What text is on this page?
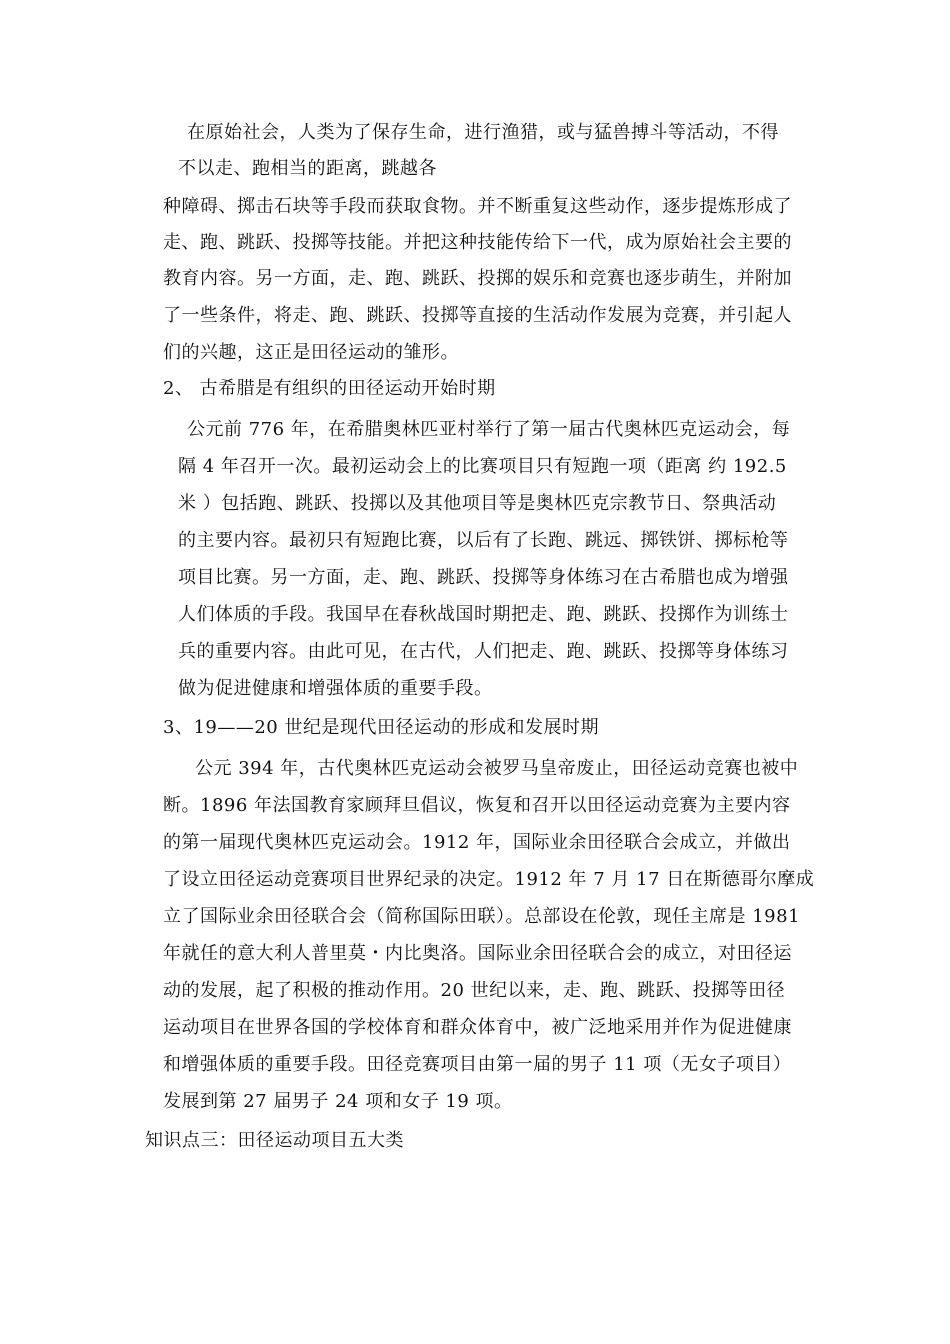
在原始社会，人类为了保存生命，进行渔猎，或与猛兽搏斗等活动，不得

不以走、跑相当的距离，跳越各

种障碍、掷击石块等手段而获取食物。并不断重复这些动作，逐步提炼形成了

走、跑、跳跃、投掷等技能。并把这种技能传给下一代，成为原始社会主要的

教育内容。另一方面，走、跑、跳跃、投掷的娱乐和竞赛也逐步萌生，并附加

了一些条件，将走、跑、跳跃、投掷等直接的生活动作发展为竞赛，并引起人

们的兴趣，这正是田径运动的雏形。

2、 古希腊是有组织的田径运动开始时期

公元前 776 年，在希腊奥林匹亚村举行了第一届古代奥林匹克运动会，每

隔 4 年召开一次。最初运动会上的比赛项目只有短跑一项（距离 约 192.5

米 ）包括跑、跳跃、投掷以及其他项目等是奥林匹克宗教节日、祭典活动

的主要内容。最初只有短跑比赛，以后有了长跑、跳远、掷铁饼、掷标枪等

项目比赛。另一方面，走、跑、跳跃、投掷等身体练习在古希腊也成为增强

人们体质的手段。我国早在春秋战国时期把走、跑、跳跃、投掷作为训练士

兵的重要内容。由此可见，在古代，人们把走、跑、跳跃、投掷等身体练习

做为促进健康和增强体质的重要手段。

3、19——20 世纪是现代田径运动的形成和发展时期

公元 394 年，古代奥林匹克运动会被罗马皇帝废止，田径运动竞赛也被中

断。1896 年法国教育家顾拜旦倡议，恢复和召开以田径运动竞赛为主要内容

的第一届现代奥林匹克运动会。1912 年，国际业余田径联合会成立，并做出

了设立田径运动竞赛项目世界纪录的决定。1912 年 7 月 17 日在斯德哥尔摩成

立了国际业余田径联合会（简称国际田联）。总部设在伦敦，现任主席是 1981

年就任的意大利人普里莫・内比奥洛。国际业余田径联合会的成立，对田径运

动的发展，起了积极的推动作用。20 世纪以来，走、跑、跳跃、投掷等田径

运动项目在世界各国的学校体育和群众体育中，被广泛地采用并作为促进健康

和增强体质的重要手段。田径竞赛项目由第一届的男子 11 项（无女子项目）

发展到第 27 届男子 24 项和女子 19 项。

知识点三：田径运动项目五大类
